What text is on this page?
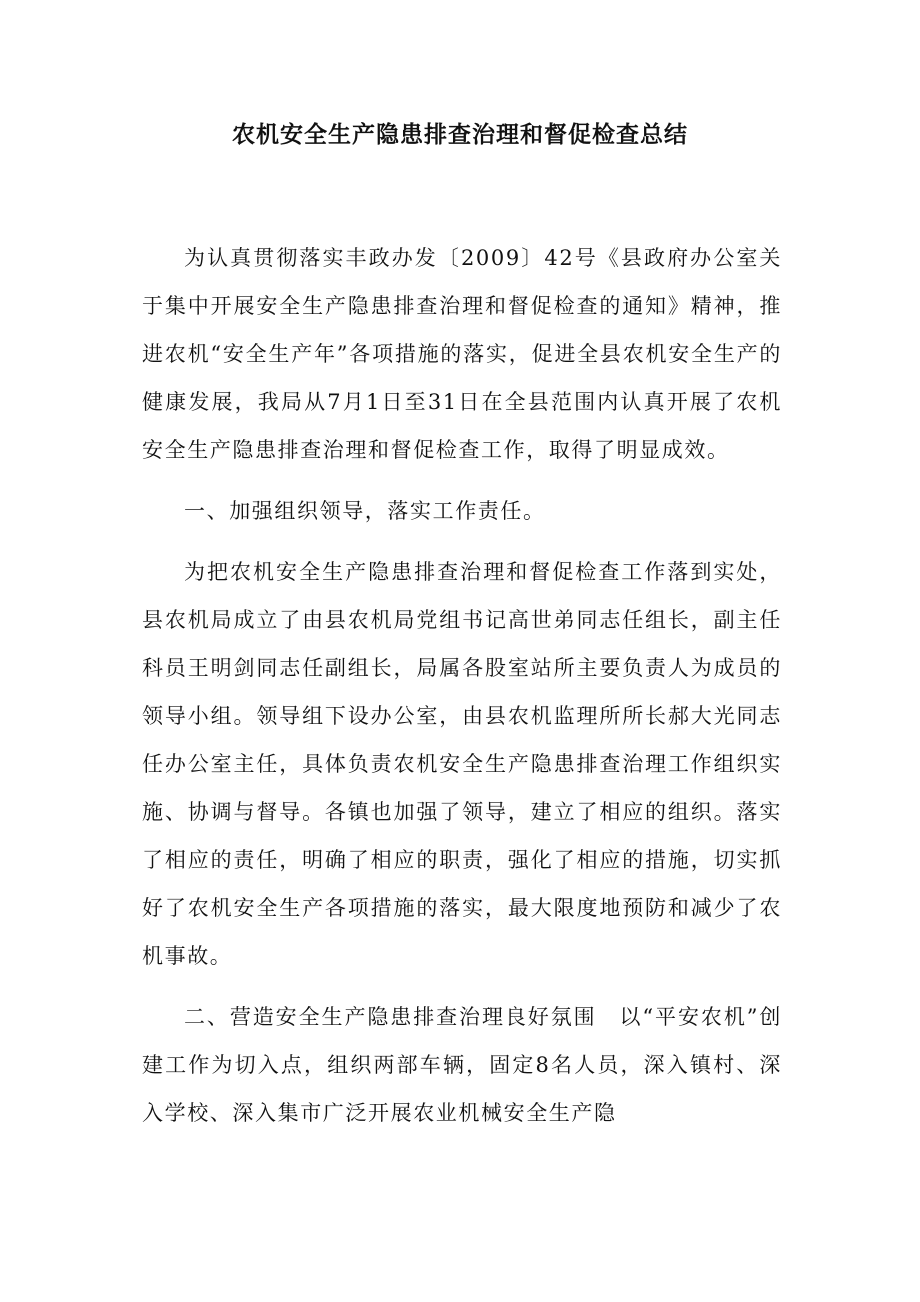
农机安全生产隐患排查治理和督促检查总结

为认真贯彻落实丰政办发〔2009〕42号《县政府办公室关于集中开展安全生产隐患排查治理和督促检查的通知》精神，推进农机“安全生产年”各项措施的落实，促进全县农机安全生产的健康发展，我局从7月1日至31日在全县范围内认真开展了农机安全生产隐患排查治理和督促检查工作，取得了明显成效。

一、加强组织领导，落实工作责任。

为把农机安全生产隐患排查治理和督促检查工作落到实处，县农机局成立了由县农机局党组书记高世弟同志任组长，副主任科员王明剑同志任副组长，局属各股室站所主要负责人为成员的领导小组。领导组下设办公室，由县农机监理所所长郝大光同志任办公室主任，具体负责农机安全生产隐患排查治理工作组织实施、协调与督导。各镇也加强了领导，建立了相应的组织。落实了相应的责任，明确了相应的职责，强化了相应的措施，切实抓好了农机安全生产各项措施的落实，最大限度地预防和减少了农机事故。

二、营造安全生产隐患排查治理良好氛围　以“平安农机”创建工作为切入点，组织两部车辆，固定8名人员，深入镇村、深入学校、深入集市广泛开展农业机械安全生产隐
